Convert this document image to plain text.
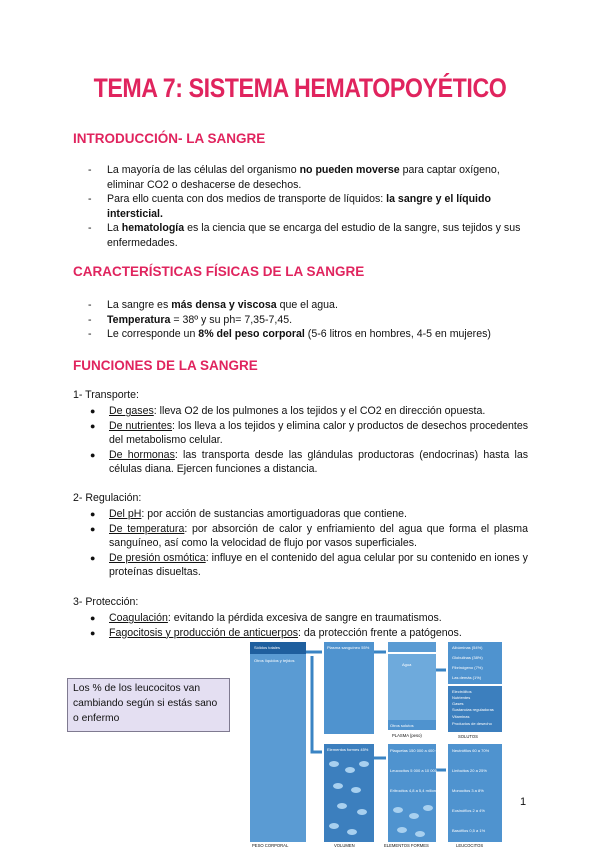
TEMA 7: SISTEMA HEMATOPOYÉTICO
INTRODUCCIÓN- LA SANGRE
- La mayoría de las células del organismo no pueden moverse para captar oxígeno, eliminar CO2 o deshacerse de desechos.
- Para ello cuenta con dos medios de transporte de líquidos: la sangre y el líquido intersticial.
- La hematología es la ciencia que se encarga del estudio de la sangre, sus tejidos y sus enfermedades.
CARACTERÍSTICAS FÍSICAS DE LA SANGRE
- La sangre es más densa y viscosa que el agua.
- Temperatura = 38º y su ph= 7,35-7,45.
- Le corresponde un 8% del peso corporal (5-6 litros en hombres, 4-5 en mujeres)
FUNCIONES DE LA SANGRE

1- Transporte:

● De gases: lleva O2 de los pulmones a los tejidos y el CO2 en dirección opuesta.
● De nutrientes: los lleva a los tejidos y elimina calor y productos de desechos procedentes del metabolismo celular.
● De hormonas: las transporta desde las glándulas productoras (endocrinas) hasta las células diana. Ejercen funciones a distancia.

2- Regulación:

● Del pH: por acción de sustancias amortiguadoras que contiene.
● De temperatura: por absorción de calor y enfriamiento del agua que forma el plasma sanguíneo, así como la velocidad de flujo por vasos superficiales.
● De presión osmótica: influye en el contenido del agua celular por su contenido en iones y proteínas disueltas.

3- Protección:

● Coagulación: evitando la pérdida excesiva de sangre en traumatismos.
● Fagocitosis y producción de anticuerpos: da protección frente a patógenos.
Los % de los leucocitos van cambiando según si estás sano o enfermo
Sólidos totales
Otros líquidos y tejidos
PESO CORPORAL
Plasma sanguíneo 55%
Elementos formes 45%
VOLUMEN
Agua
Otros solutos
PLASMA (peso)
Plaquetas 150 000 a 400 000
Leucocitos 5 000 a 10 000
Eritrocitos 4,8 a 5,4 millones
ELEMENTOS FORMES
Albúminas (54%)
Globulinas (38%)
Fibrinógeno (7%)
Las demás (1%)
Electrólitos
Nutrientes
Gases
Sustancias reguladoras
Vitaminas
Productos de desecho
SOLUTOS
Neutrófilos 60 a 70%
Linfocitos 20 a 25%
Monocitos 3 a 8%
Eosinófilos 2 a 4%
Basófilos 0,5 a 1%
LEUCOCITOS
1
